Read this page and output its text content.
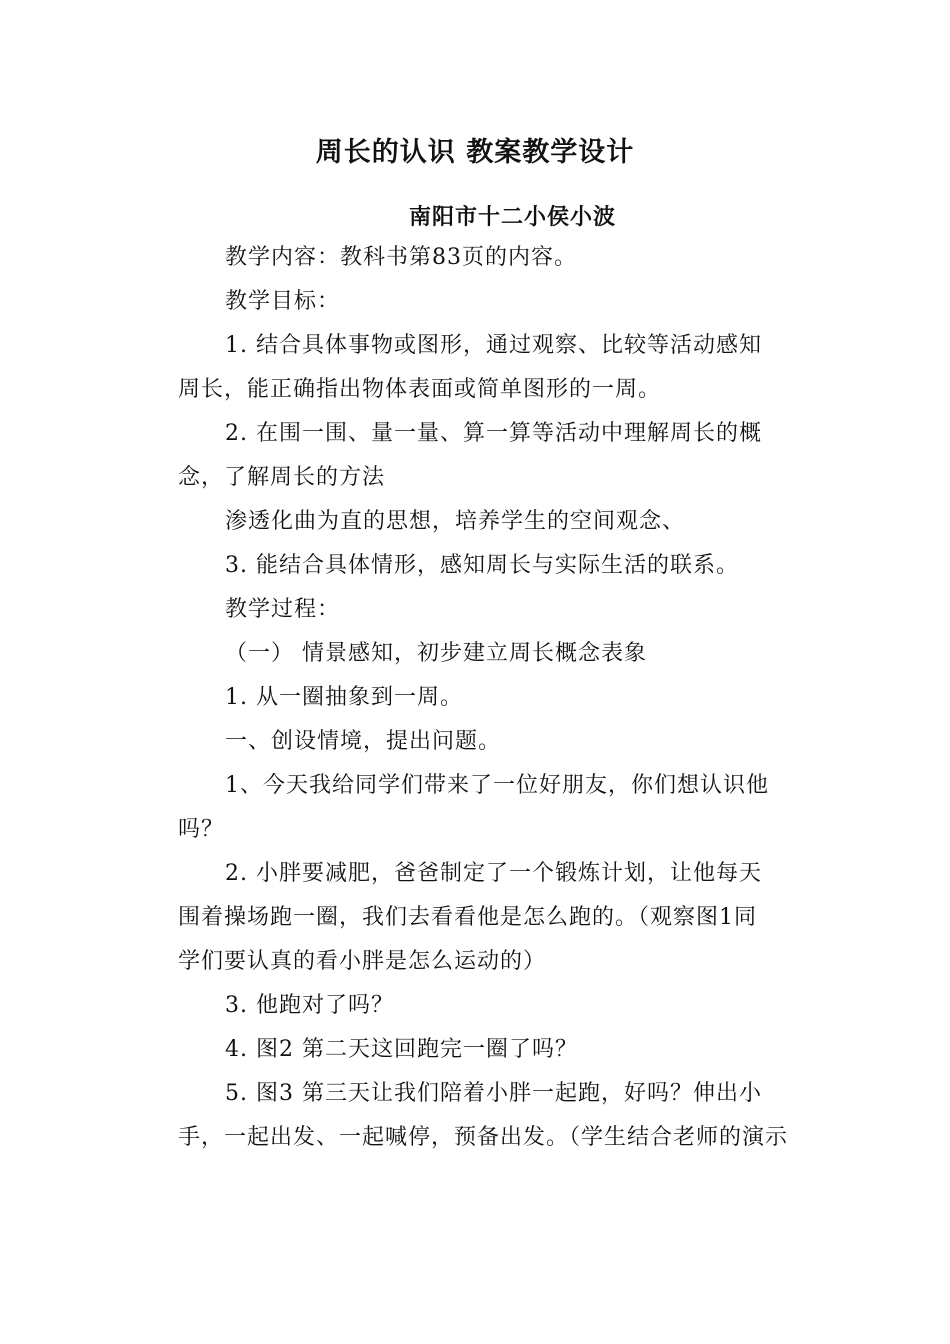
周长的认识 教案教学设计
南阳市十二小侯小波
教学内容：教科书第83页的内容。
教学目标：
1. 结合具体事物或图形，通过观察、比较等活动感知
周长，能正确指出物体表面或简单图形的一周。
2. 在围一围、量一量、算一算等活动中理解周长的概
念，了解周长的方法
渗透化曲为直的思想，培养学生的空间观念、
3. 能结合具体情形，感知周长与实际生活的联系。
教学过程：
（一） 情景感知，初步建立周长概念表象
1. 从一圈抽象到一周。
一、创设情境，提出问题。
1、今天我给同学们带来了一位好朋友，你们想认识他
吗？
2. 小胖要减肥，爸爸制定了一个锻炼计划，让他每天
围着操场跑一圈，我们去看看他是怎么跑的。（观察图1同
学们要认真的看小胖是怎么运动的）
3. 他跑对了吗？
4. 图2 第二天这回跑完一圈了吗？
5. 图3 第三天让我们陪着小胖一起跑，好吗？伸出小
手，一起出发、一起喊停，预备出发。（学生结合老师的演示
